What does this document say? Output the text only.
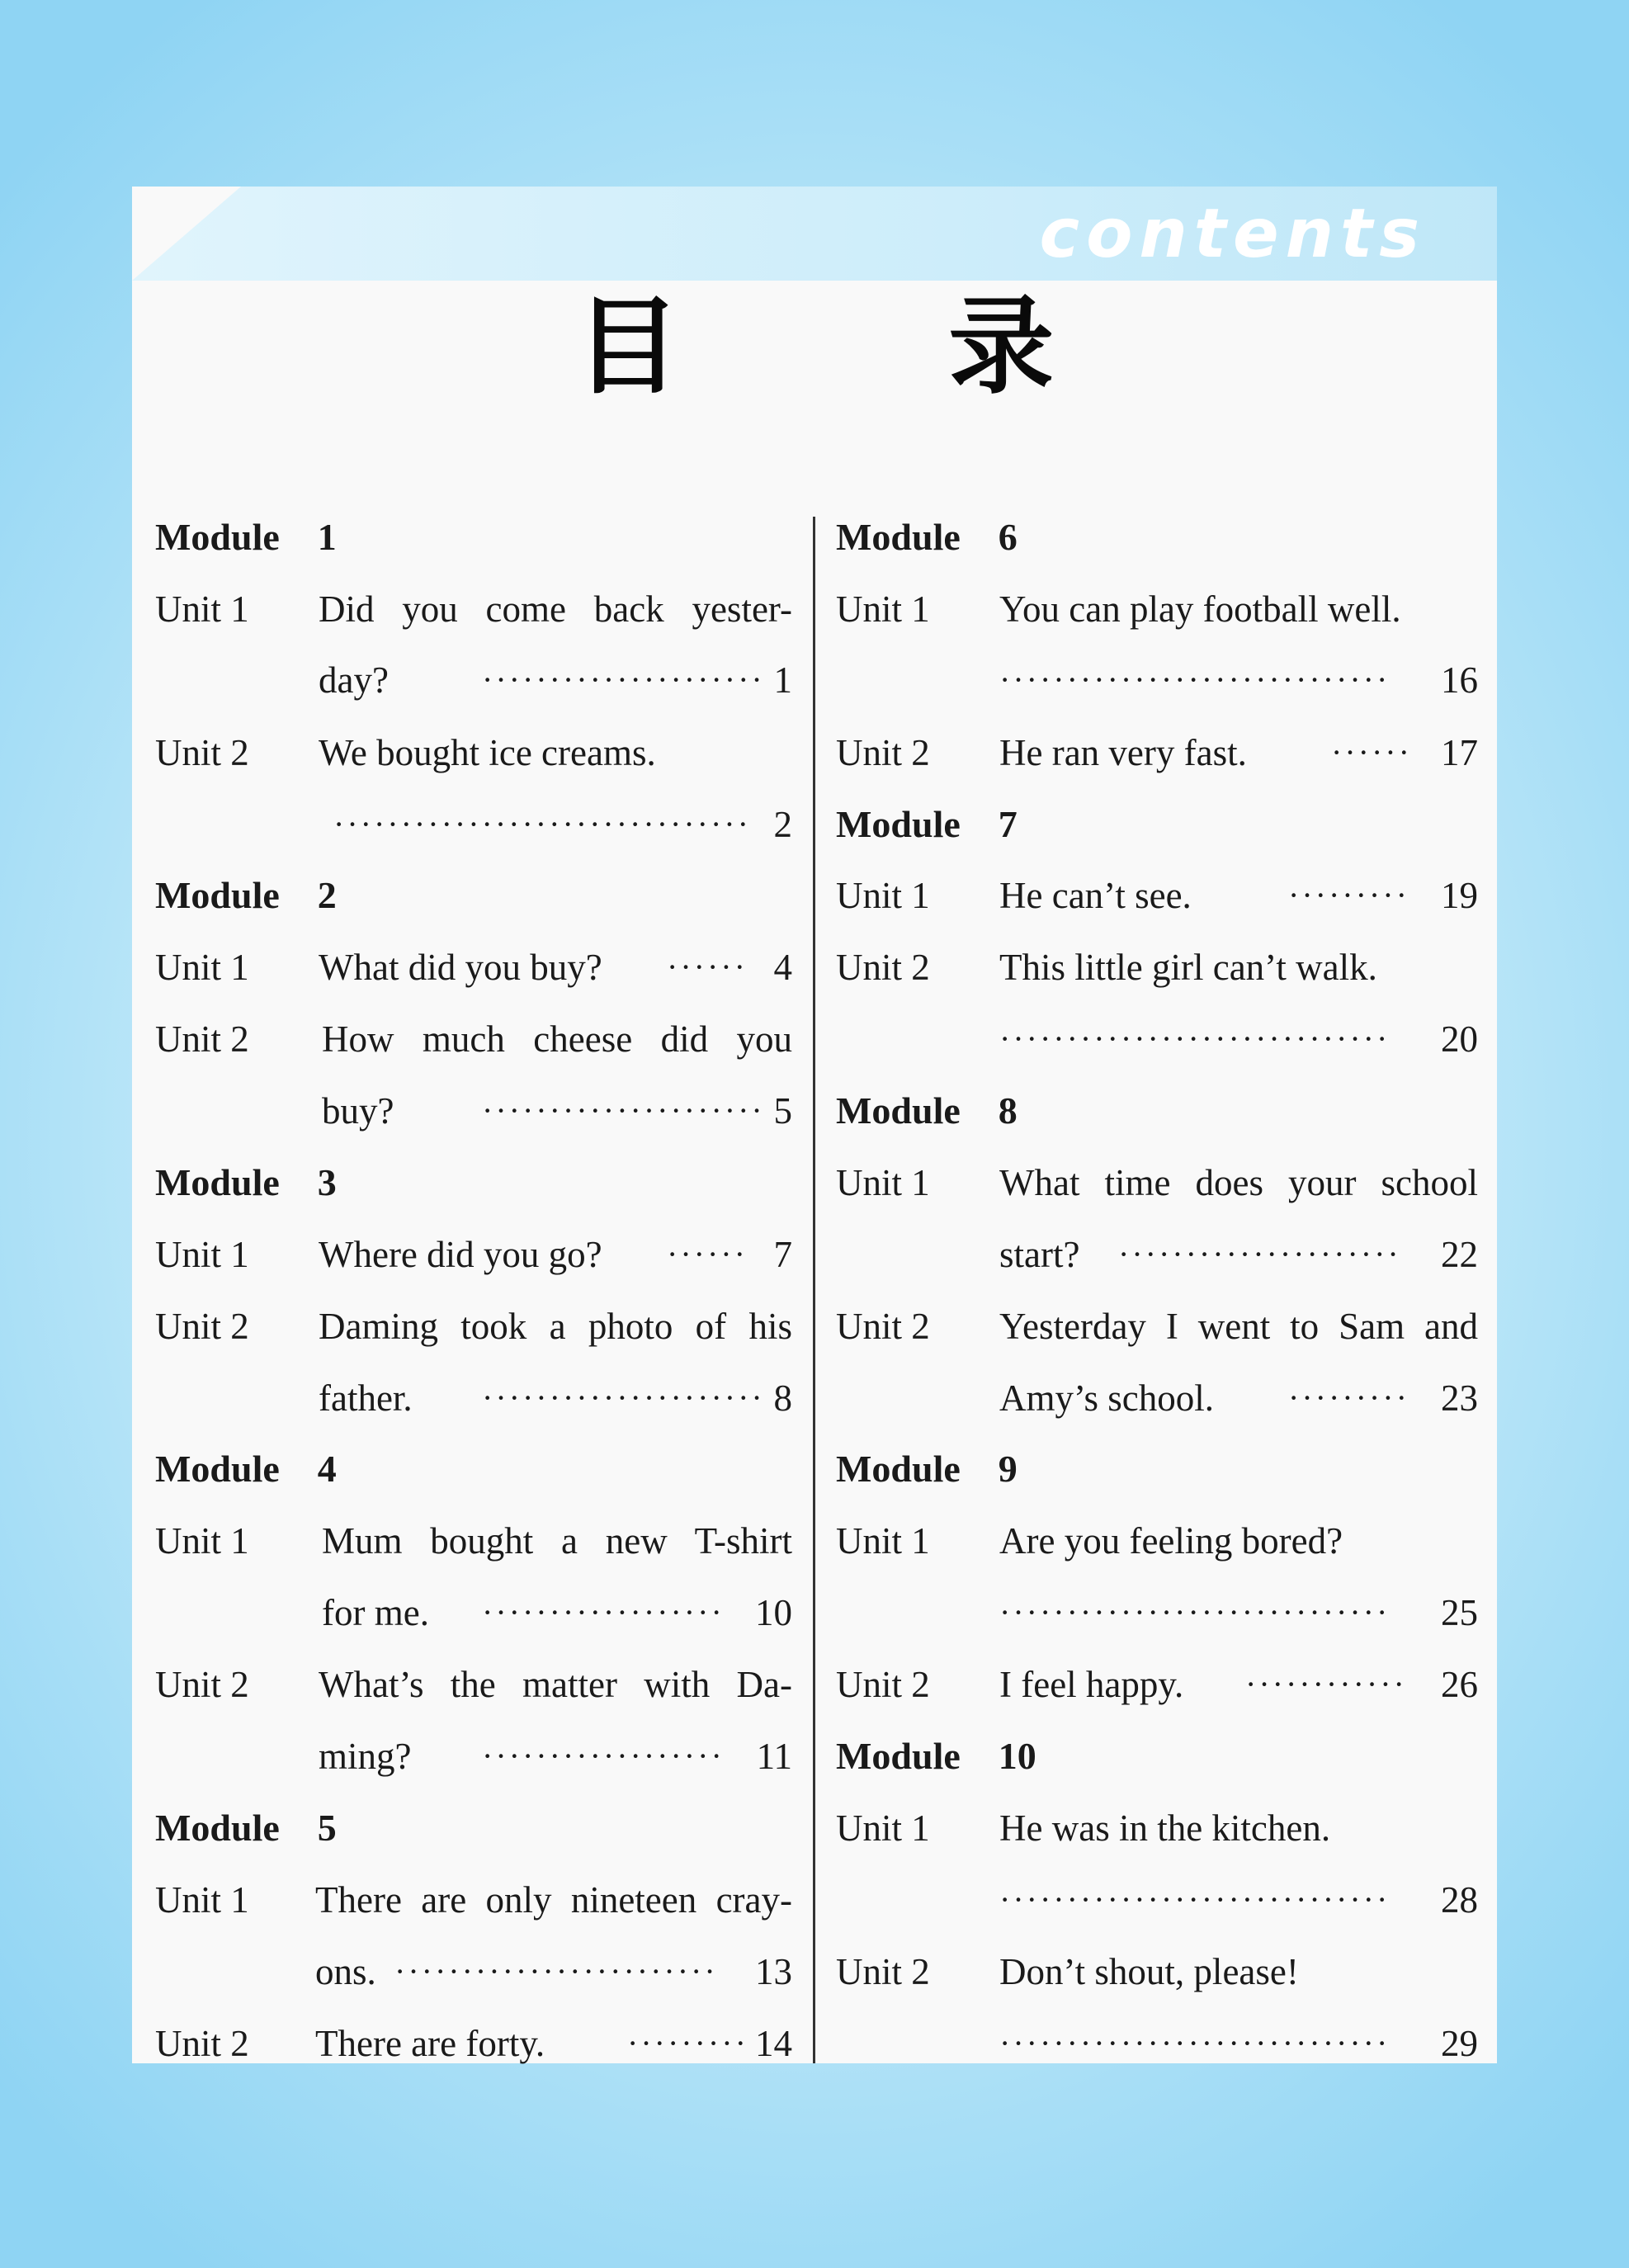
contents
目 录
Module 1
Unit 1 Did you come back yester-
day?	····················· 1
Unit 2 We bought ice creams.
······························· 2
Module 2
Unit 1 What did you buy? ······ 4
Unit 2 How much cheese did you
buy?	····················· 5
Module 3
Unit 1 Where did you go? ······ 7
Unit 2 Daming took a photo of his
father. ····················· 8
Module 4
Unit 1 Mum bought a new T-shirt
for me. ·················· 10
Unit 2 What’s the matter with Da-
ming? ·················· 11
Module 5
Unit 1 There are only nineteen cray-
ons. ························ 13
Unit 2 There are forty. ········· 14
Module 6
Unit 1 You can play football well.
·····························	16
Unit 2 He ran very fast.	······ 17
Module 7
Unit 1 He can’t see.	········· 19
Unit 2 This little girl can’t walk.
·····························	20
Module 8
Unit 1 What time does your school
start? ·····················	22
Unit 2 Yesterday I went to Sam and
Amy’s school. ········· 23
Module 9
Unit 1 Are you feeling bored?
·····························	25
Unit 2 I feel happy. ············ 26
Module 10
Unit 1 He was in the kitchen.
·····························	28
Unit 2 Don’t shout, please!
·····························	29
